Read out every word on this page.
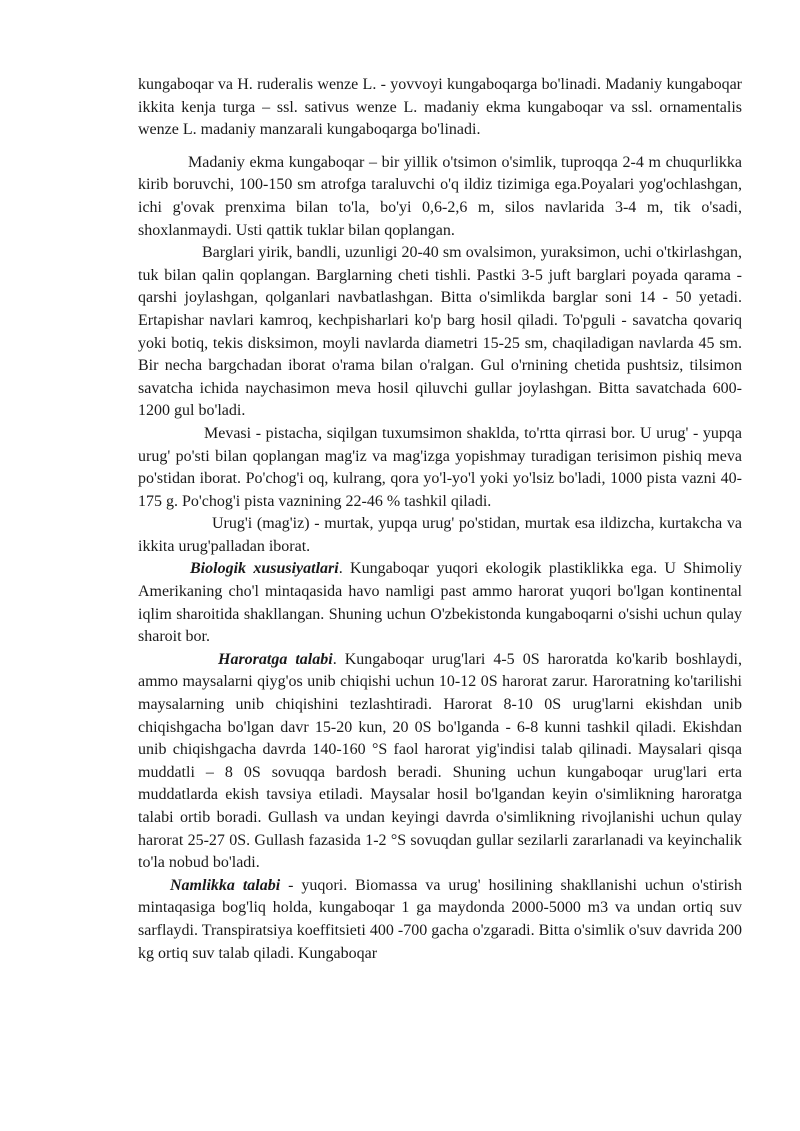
kungaboqar va H. ruderalis wenze L. - yovvoyi kungaboqarga bo'linadi. Madaniy kungaboqar ikkita kenja turga – ssl. sativus wenze L. madaniy ekma kungaboqar va ssl. ornamentalis wenze L. madaniy manzarali kungaboqarga bo'linadi.

Madaniy ekma kungaboqar – bir yillik o'tsimon o'simlik, tuproqqa 2-4 m chuqurlikka kirib boruvchi, 100-150 sm atrofga taraluvchi o'q ildiz tizimiga ega.Poyalari yog'ochlashgan, ichi g'ovak prenxima bilan to'la, bo'yi 0,6-2,6 m, silos navlarida 3-4 m, tik o'sadi, shoxlanmaydi. Usti qattik tuklar bilan qoplangan.

Barglari yirik, bandli, uzunligi 20-40 sm ovalsimon, yuraksimon, uchi o'tkirlashgan, tuk bilan qalin qoplangan. Barglarning cheti tishli. Pastki 3-5 juft barglari poyada qarama - qarshi joylashgan, qolganlari navbatlashgan. Bitta o'simlikda barglar soni 14 - 50 yetadi. Ertapishar navlari kamroq, kechpisharlari ko'p barg hosil qiladi. To'pguli - savatcha qovariq yoki botiq, tekis disksimon, moyli navlarda diametri 15-25 sm, chaqiladigan navlarda 45 sm. Bir necha bargchadan iborat o'rama bilan o'ralgan. Gul o'rnining chetida pushtsiz, tilsimon savatcha ichida naychasimon meva hosil qiluvchi gullar joylashgan. Bitta savatchada 600-1200 gul bo'ladi.

Mevasi - pistacha, siqilgan tuxumsimon shaklda, to'rtta qirrasi bor. U urug' - yupqa urug' po'sti bilan qoplangan mag'iz va mag'izga yopishmay turadigan terisimon pishiq meva po'stidan iborat. Po'chog'i oq, kulrang, qora yo'l-yo'l yoki yo'lsiz bo'ladi, 1000 pista vazni 40-175 g. Po'chog'i pista vaznining 22-46 % tashkil qiladi.

Urug'i (mag'iz) - murtak, yupqa urug' po'stidan, murtak esa ildizcha, kurtakcha va ikkita urug'palladan iborat.

Biologik xususiyatlari. Kungaboqar yuqori ekologik plastiklikka ega. U Shimoliy Amerikaning cho'l mintaqasida havo namligi past ammo harorat yuqori bo'lgan kontinental iqlim sharoitida shakllangan. Shuning uchun O'zbekistonda kungaboqarni o'sishi uchun qulay sharoit bor.

Haroratga talabi. Kungaboqar urug'lari 4-5 0S haroratda ko'karib boshlaydi, ammo maysalarni qiyg'os unib chiqishi uchun 10-12 0S harorat zarur. Haroratning ko'tarilishi maysalarning unib chiqishini tezlashtiradi. Harorat 8-10 0S urug'larni ekishdan unib chiqishgacha bo'lgan davr 15-20 kun, 20 0S bo'lganda - 6-8 kunni tashkil qiladi. Ekishdan unib chiqishgacha davrda 140-160 °S faol harorat yig'indisi talab qilinadi. Maysalari qisqa muddatli – 8 0S sovuqqa bardosh beradi. Shuning uchun kungaboqar urug'lari erta muddatlarda ekish tavsiya etiladi. Maysalar hosil bo'lgandan keyin o'simlikning haroratga talabi ortib boradi. Gullash va undan keyingi davrda o'simlikning rivojlanishi uchun qulay harorat 25-27 0S. Gullash fazasida 1-2 °S sovuqdan gullar sezilarli zararlanadi va keyinchalik to'la nobud bo'ladi.

Namlikka talabi - yuqori. Biomassa va urug' hosilining shakllanishi uchun o'stirish mintaqasiga bog'liq holda, kungaboqar 1 ga maydonda 2000-5000 m3 va undan ortiq suv sarflaydi. Transpiratsiya koeffitsieti 400 -700 gacha o'zgaradi. Bitta o'simlik o'suv davrida 200 kg ortiq suv talab qiladi. Kungaboqar
